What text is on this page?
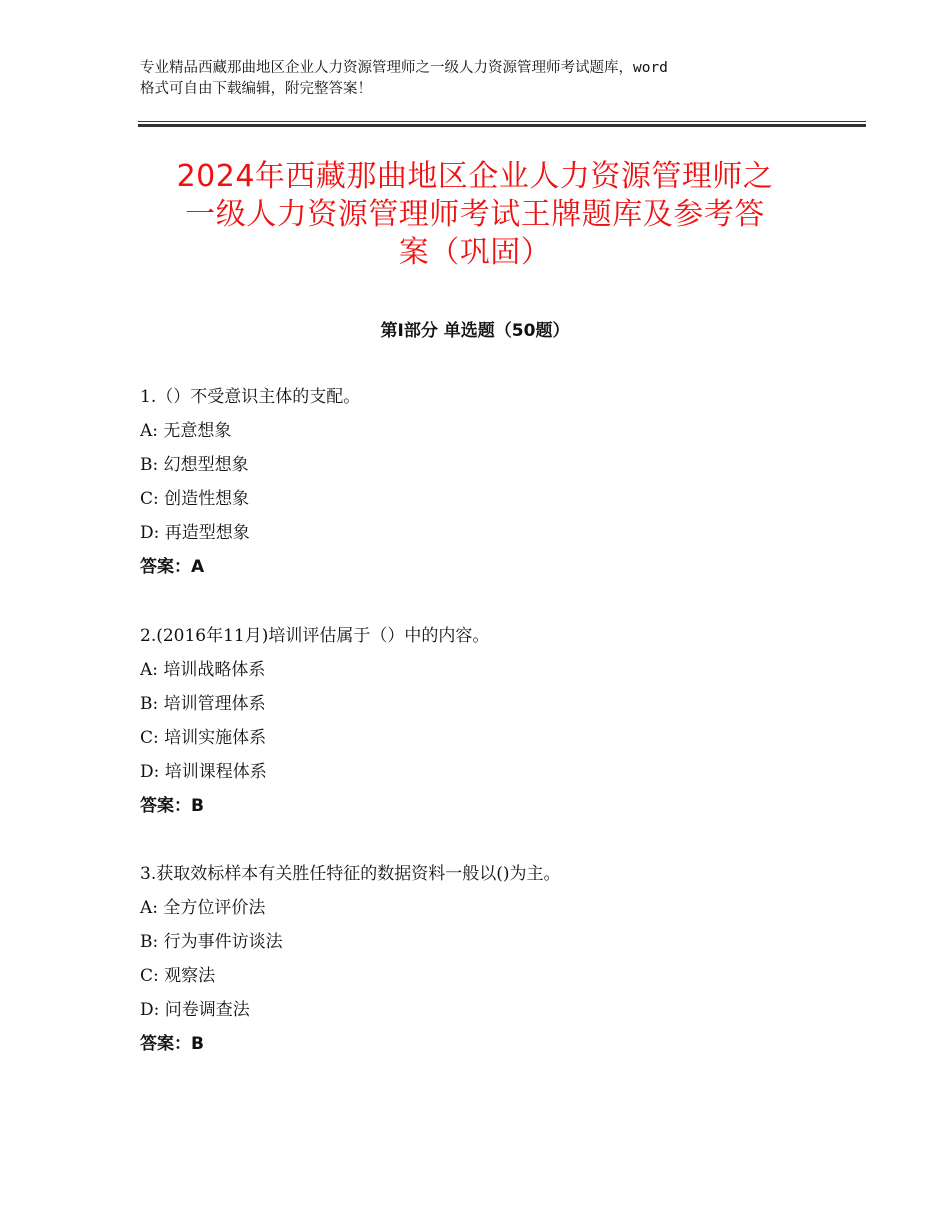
专业精品西藏那曲地区企业人力资源管理师之一级人力资源管理师考试题库，word
格式可自由下载编辑，附完整答案！
2024年西藏那曲地区企业人力资源管理师之
一级人力资源管理师考试王牌题库及参考答
案（巩固）
第Ⅰ部分 单选题（50题）
1.（）不受意识主体的支配。
A: 无意想象
B: 幻想型想象
C: 创造性想象
D: 再造型想象
答案：A
2.(2016年11月)培训评估属于（）中的内容。
A: 培训战略体系
B: 培训管理体系
C: 培训实施体系
D: 培训课程体系
答案：B
3.获取效标样本有关胜任特征的数据资料一般以()为主。
A: 全方位评价法
B: 行为事件访谈法
C: 观察法
D: 问卷调查法
答案：B
